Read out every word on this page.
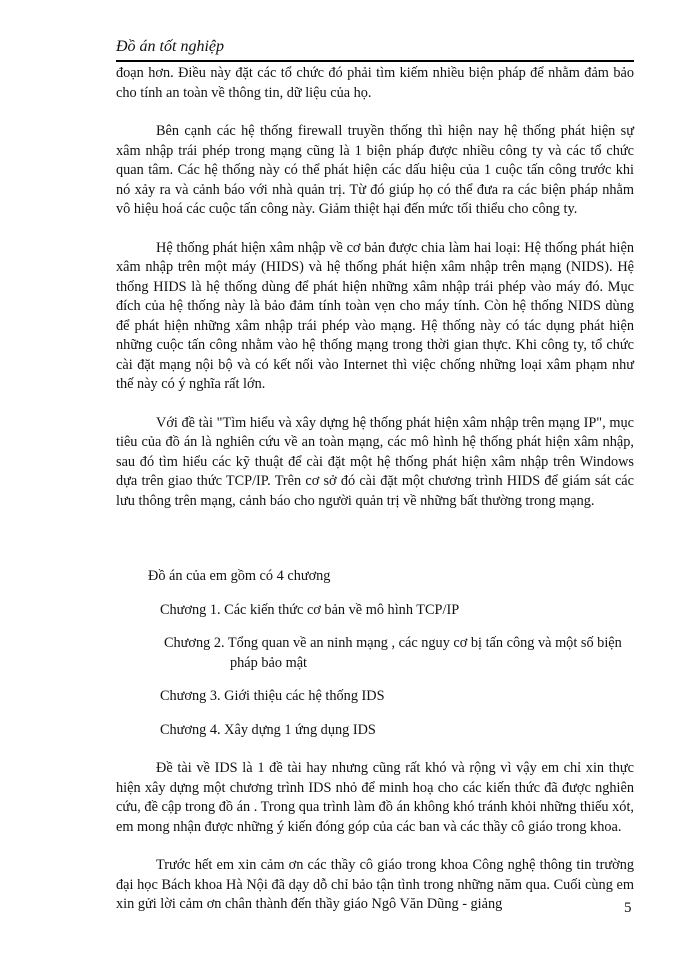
Đồ án tốt nghiệp

đoạn hơn. Điều này đặt các tổ chức đó phải tìm kiếm nhiều biện pháp để nhằm đảm bảo cho tính an toàn về thông tin, dữ liệu của họ.

Bên cạnh các hệ thống firewall truyền thống thì hiện nay hệ thống phát hiện sự xâm nhập trái phép trong mạng cũng là 1 biện pháp được nhiều công ty và các tổ chức quan tâm. Các hệ thống này có thể phát hiện các dấu hiệu của 1 cuộc tấn công trước khi nó xảy ra và cảnh báo với nhà quản trị. Từ đó giúp họ có thể đưa ra các biện pháp nhằm vô hiệu hoá các cuộc tấn công này. Giảm thiệt hại đến mức tối thiểu cho công ty.

Hệ thống phát hiện xâm nhập về cơ bản được chia làm hai loại: Hệ thống phát hiện xâm nhập trên một máy (HIDS) và hệ thống phát hiện xâm nhập trên mạng (NIDS). Hệ thống HIDS là hệ thống dùng để phát hiện những xâm nhập trái phép vào máy đó. Mục đích của hệ thống này là bảo đảm tính toàn vẹn cho máy tính. Còn hệ thống NIDS dùng để phát hiện những xâm nhập trái phép vào mạng. Hệ thống này có tác dụng phát hiện những cuộc tấn công nhằm vào hệ thống mạng trong thời gian thực. Khi công ty, tổ chức cài đặt mạng nội bộ và có kết nối vào Internet thì việc chống những loại xâm phạm như thế này có ý nghĩa rất lớn.

Với đề tài "Tìm hiểu và xây dựng hệ thống phát hiện xâm nhập trên mạng IP", mục tiêu của đồ án là nghiên cứu về an toàn mạng, các mô hình hệ thống phát hiện xâm nhập, sau đó tìm hiểu các kỹ thuật để cài đặt một hệ thống phát hiện xâm nhập trên Windows dựa trên giao thức TCP/IP. Trên cơ sở đó cài đặt một chương trình HIDS để giám sát các lưu thông trên mạng, cảnh báo cho người quản trị về những bất thường trong mạng.

Đồ án của em gồm có 4 chương

Chương 1. Các kiến thức cơ bản về mô hình TCP/IP

Chương 2. Tổng quan về an ninh mạng , các nguy cơ bị tấn công và một số biện pháp bảo mật

Chương 3. Giới thiệu các hệ thống IDS

Chương 4. Xây dựng 1 ứng dụng IDS

Đề tài về IDS là 1 đề tài hay nhưng cũng rất khó và rộng vì vậy em chỉ xin thực hiện xây dựng một chương trình IDS nhỏ để minh hoạ cho các kiến thức đã được nghiên cứu, đề cập trong đồ án . Trong qua trình làm đồ án không khó tránh khỏi những thiếu xót, em mong nhận được những ý kiến đóng góp của các ban và các thầy cô giáo trong khoa.

Trước hết em xin cảm ơn các thầy cô giáo trong khoa Công nghệ thông tin trường đại học Bách khoa Hà Nội đã dạy dỗ chỉ bảo tận tình trong những năm qua. Cuối cùng em xin gửi lời cảm ơn chân thành đến thầy giáo Ngô Văn Dũng - giảng	5
